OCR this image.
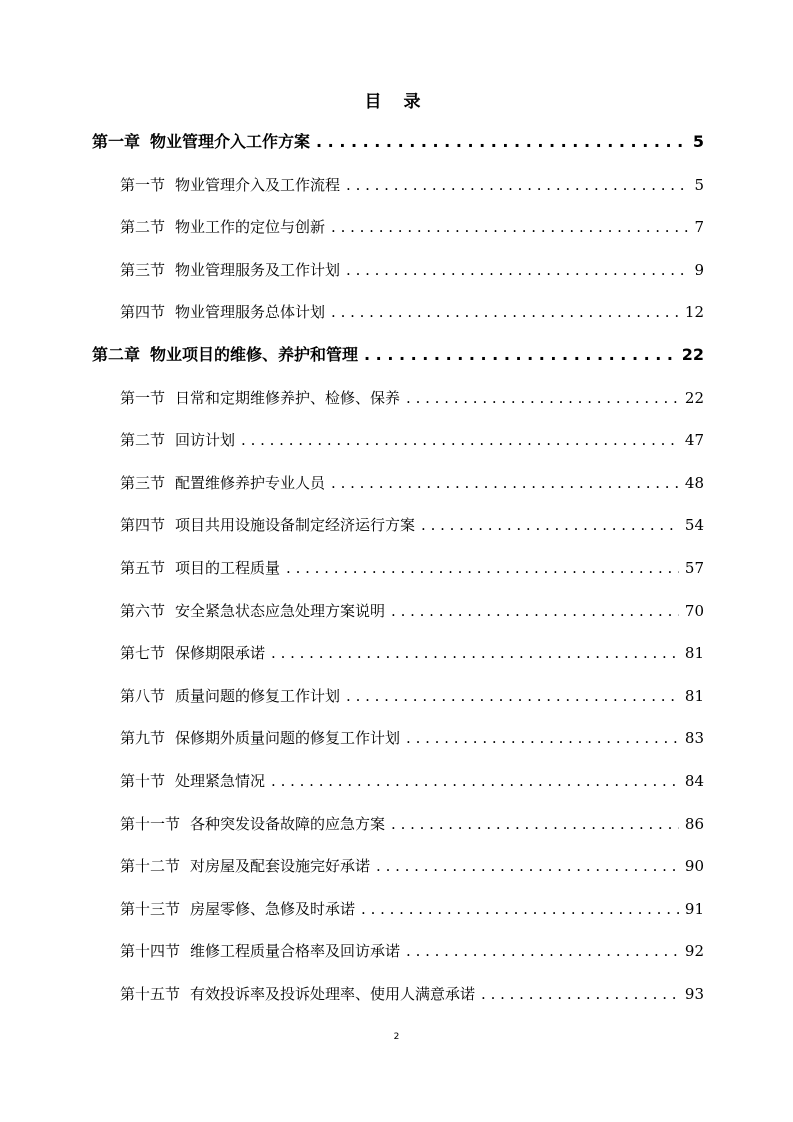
目 录
第一章 物业管理介入工作方案 . . .	5
第一节 物业管理介入及工作流程 . . .	5
第二节 物业工作的定位与创新 . . .	7
第三节 物业管理服务及工作计划 . . .	9
第四节 物业管理服务总体计划 . . .	12
第二章 物业项目的维修、养护和管理 . . .	22
第一节 日常和定期维修养护、检修、保养 . . .	22
第二节 回访计划 . . .	47
第三节 配置维修养护专业人员 . . .	48
第四节 项目共用设施设备制定经济运行方案 . . .	54
第五节 项目的工程质量 . . .	57
第六节 安全紧急状态应急处理方案说明 . . .	70
第七节 保修期限承诺 . . .	81
第八节 质量问题的修复工作计划 . . .	81
第九节 保修期外质量问题的修复工作计划 . . .	83
第十节 处理紧急情况 . . .	84
第十一节 各种突发设备故障的应急方案 . . .	86
第十二节 对房屋及配套设施完好承诺 . . .	90
第十三节 房屋零修、急修及时承诺 . . .	91
第十四节 维修工程质量合格率及回访承诺 . . .	92
第十五节 有效投诉率及投诉处理率、使用人满意承诺 . . .	93
2
